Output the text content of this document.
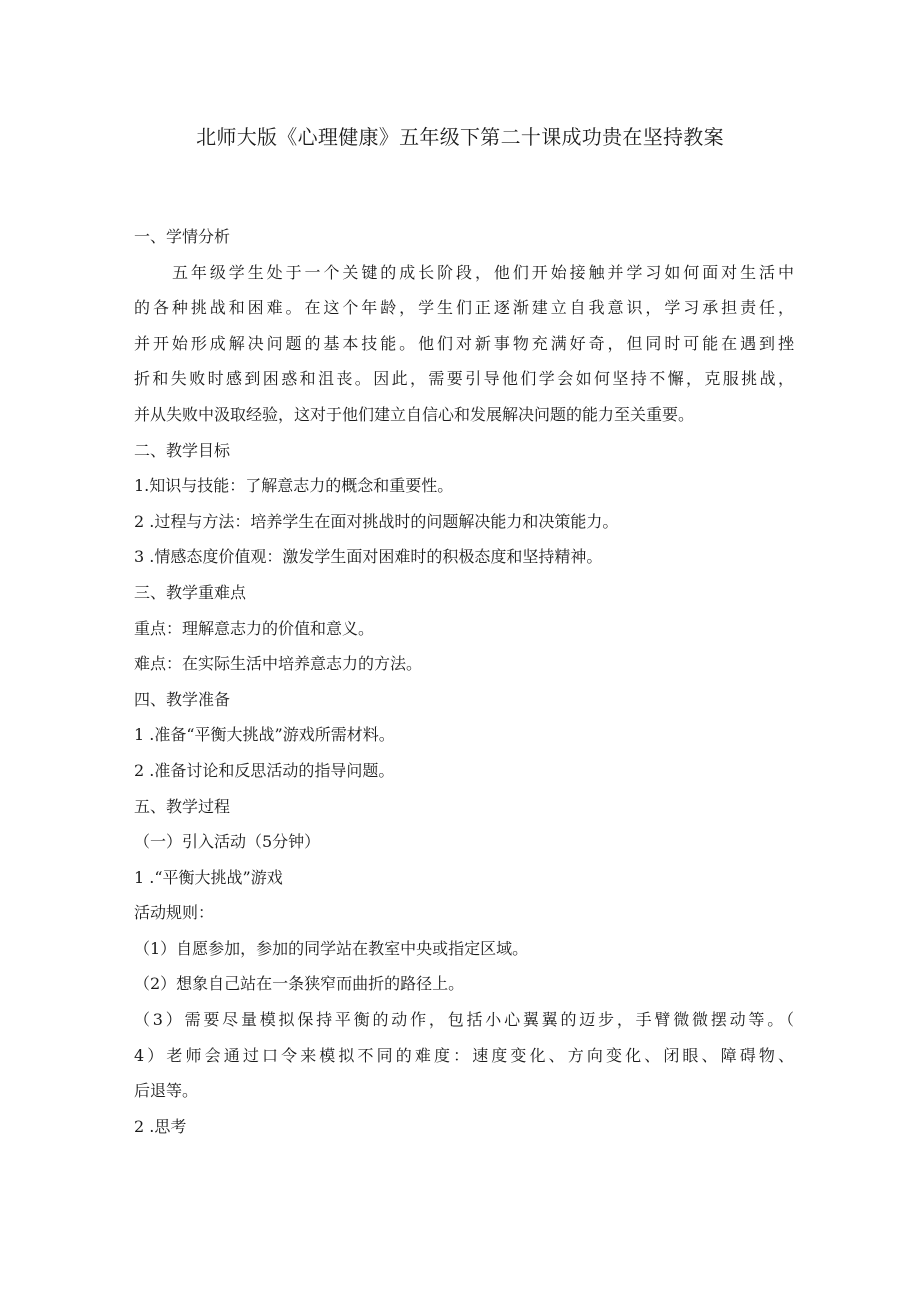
北师大版《心理健康》五年级下第二十课成功贵在坚持教案
一、学情分析
五年级学生处于一个关键的成长阶段，他们开始接触并学习如何面对生活中
的各种挑战和困难。在这个年龄，学生们正逐渐建立自我意识，学习承担责任，
并开始形成解决问题的基本技能。他们对新事物充满好奇，但同时可能在遇到挫
折和失败时感到困惑和沮丧。因此，需要引导他们学会如何坚持不懈，克服挑战，
并从失败中汲取经验，这对于他们建立自信心和发展解决问题的能力至关重要。
二、教学目标
1.知识与技能：了解意志力的概念和重要性。
2 .过程与方法：培养学生在面对挑战时的问题解决能力和决策能力。
3 .情感态度价值观：激发学生面对困难时的积极态度和坚持精神。
三、教学重难点
重点：理解意志力的价值和意义。
难点：在实际生活中培养意志力的方法。
四、教学准备
1 .准备“平衡大挑战”游戏所需材料。
2 .准备讨论和反思活动的指导问题。
五、教学过程
（一）引入活动（5分钟）
1 .“平衡大挑战”游戏
活动规则：
（1）自愿参加，参加的同学站在教室中央或指定区域。
（2）想象自己站在一条狭窄而曲折的路径上。
（3）需要尽量模拟保持平衡的动作，包括小心翼翼的迈步，手臂微微摆动等。（
4）老师会通过口令来模拟不同的难度：速度变化、方向变化、闭眼、障碍物、
后退等。
2 .思考
